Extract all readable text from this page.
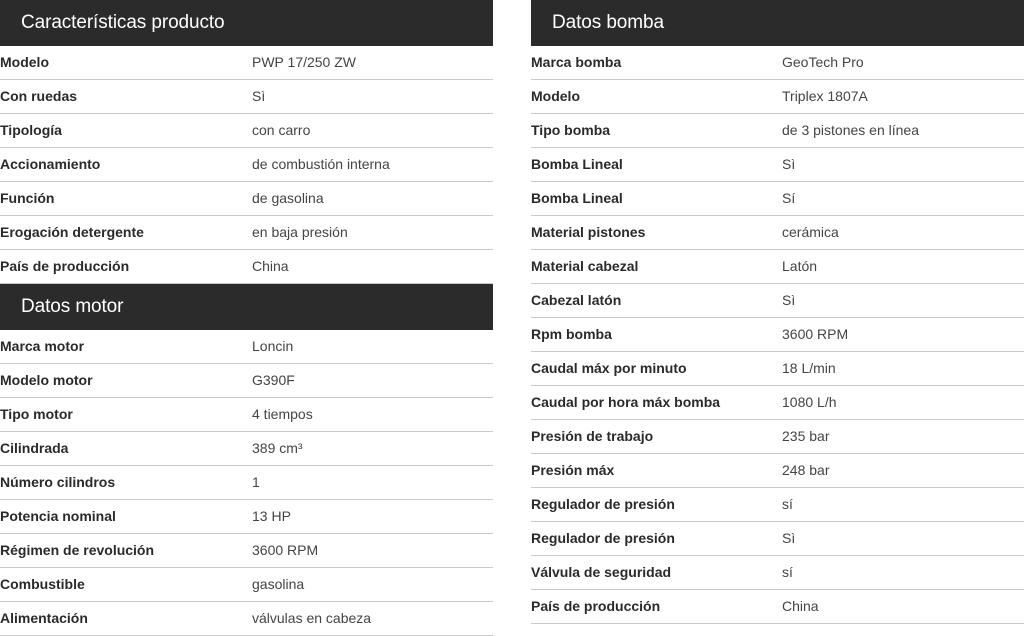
Características producto
Modelo	PWP 17/250 ZW
Con ruedas	Sì
Tipología	con carro
Accionamiento	de combustión interna
Función	de gasolina
Erogación detergente	en baja presión
País de producción	China
Datos motor
Marca motor	Loncin
Modelo motor	G390F
Tipo motor	4 tiempos
Cilindrada	389 cm³
Número cilindros	1
Potencia nominal	13 HP
Régimen de revolución	3600 RPM
Combustible	gasolina
Alimentación	válvulas en cabeza
Datos bomba
Marca bomba	GeoTech Pro
Modelo	Triplex 1807A
Tipo bomba	de 3 pistones en línea
Bomba Lineal	Sì
Bomba Lineal	Sí
Material pistones	cerámica
Material cabezal	Latón
Cabezal latón	Sì
Rpm bomba	3600 RPM
Caudal máx por minuto	18 L/min
Caudal por hora máx bomba	1080 L/h
Presión de trabajo	235 bar
Presión máx	248 bar
Regulador de presión	sí
Regulador de presión	Sì
Válvula de seguridad	sí
País de producción	China
